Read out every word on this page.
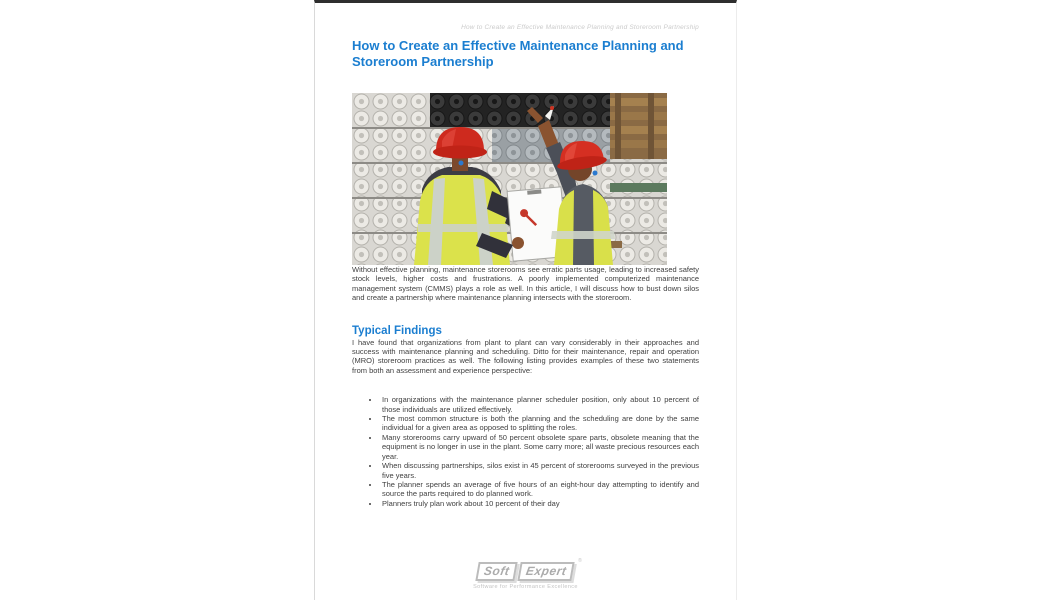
How to Create an Effective Maintenance Planning and Storeroom Partnership
How to Create an Effective Maintenance Planning and Storeroom Partnership

Without effective planning, maintenance storerooms see erratic parts usage, leading to increased safety stock levels, higher costs and frustrations. A poorly implemented computerized maintenance management system (CMMS) plays a role as well. In this article, I will discuss how to bust down silos and create a partnership where maintenance planning intersects with the storeroom.

Typical Findings

I have found that organizations from plant to plant can vary considerably in their approaches and success with maintenance planning and scheduling. Ditto for their maintenance, repair and operation (MRO) storeroom practices as well. The following listing provides examples of these two statements from both an assessment and experience perspective:

• In organizations with the maintenance planner scheduler position, only about 10 percent of those individuals are utilized effectively.
• The most common structure is both the planning and the scheduling are done by the same individual for a given area as opposed to splitting the roles.
• Many storerooms carry upward of 50 percent obsolete spare parts, obsolete meaning that the equipment is no longer in use in the plant. Some carry more; all waste precious resources each year.
• When discussing partnerships, silos exist in 45 percent of storerooms surveyed in the previous five years.
• The planner spends an average of five hours of an eight-hour day attempting to identify and source the parts required to do planned work.
• Planners truly plan work about 10 percent of their day
Soft Expert
®
Software for Performance Excellence
